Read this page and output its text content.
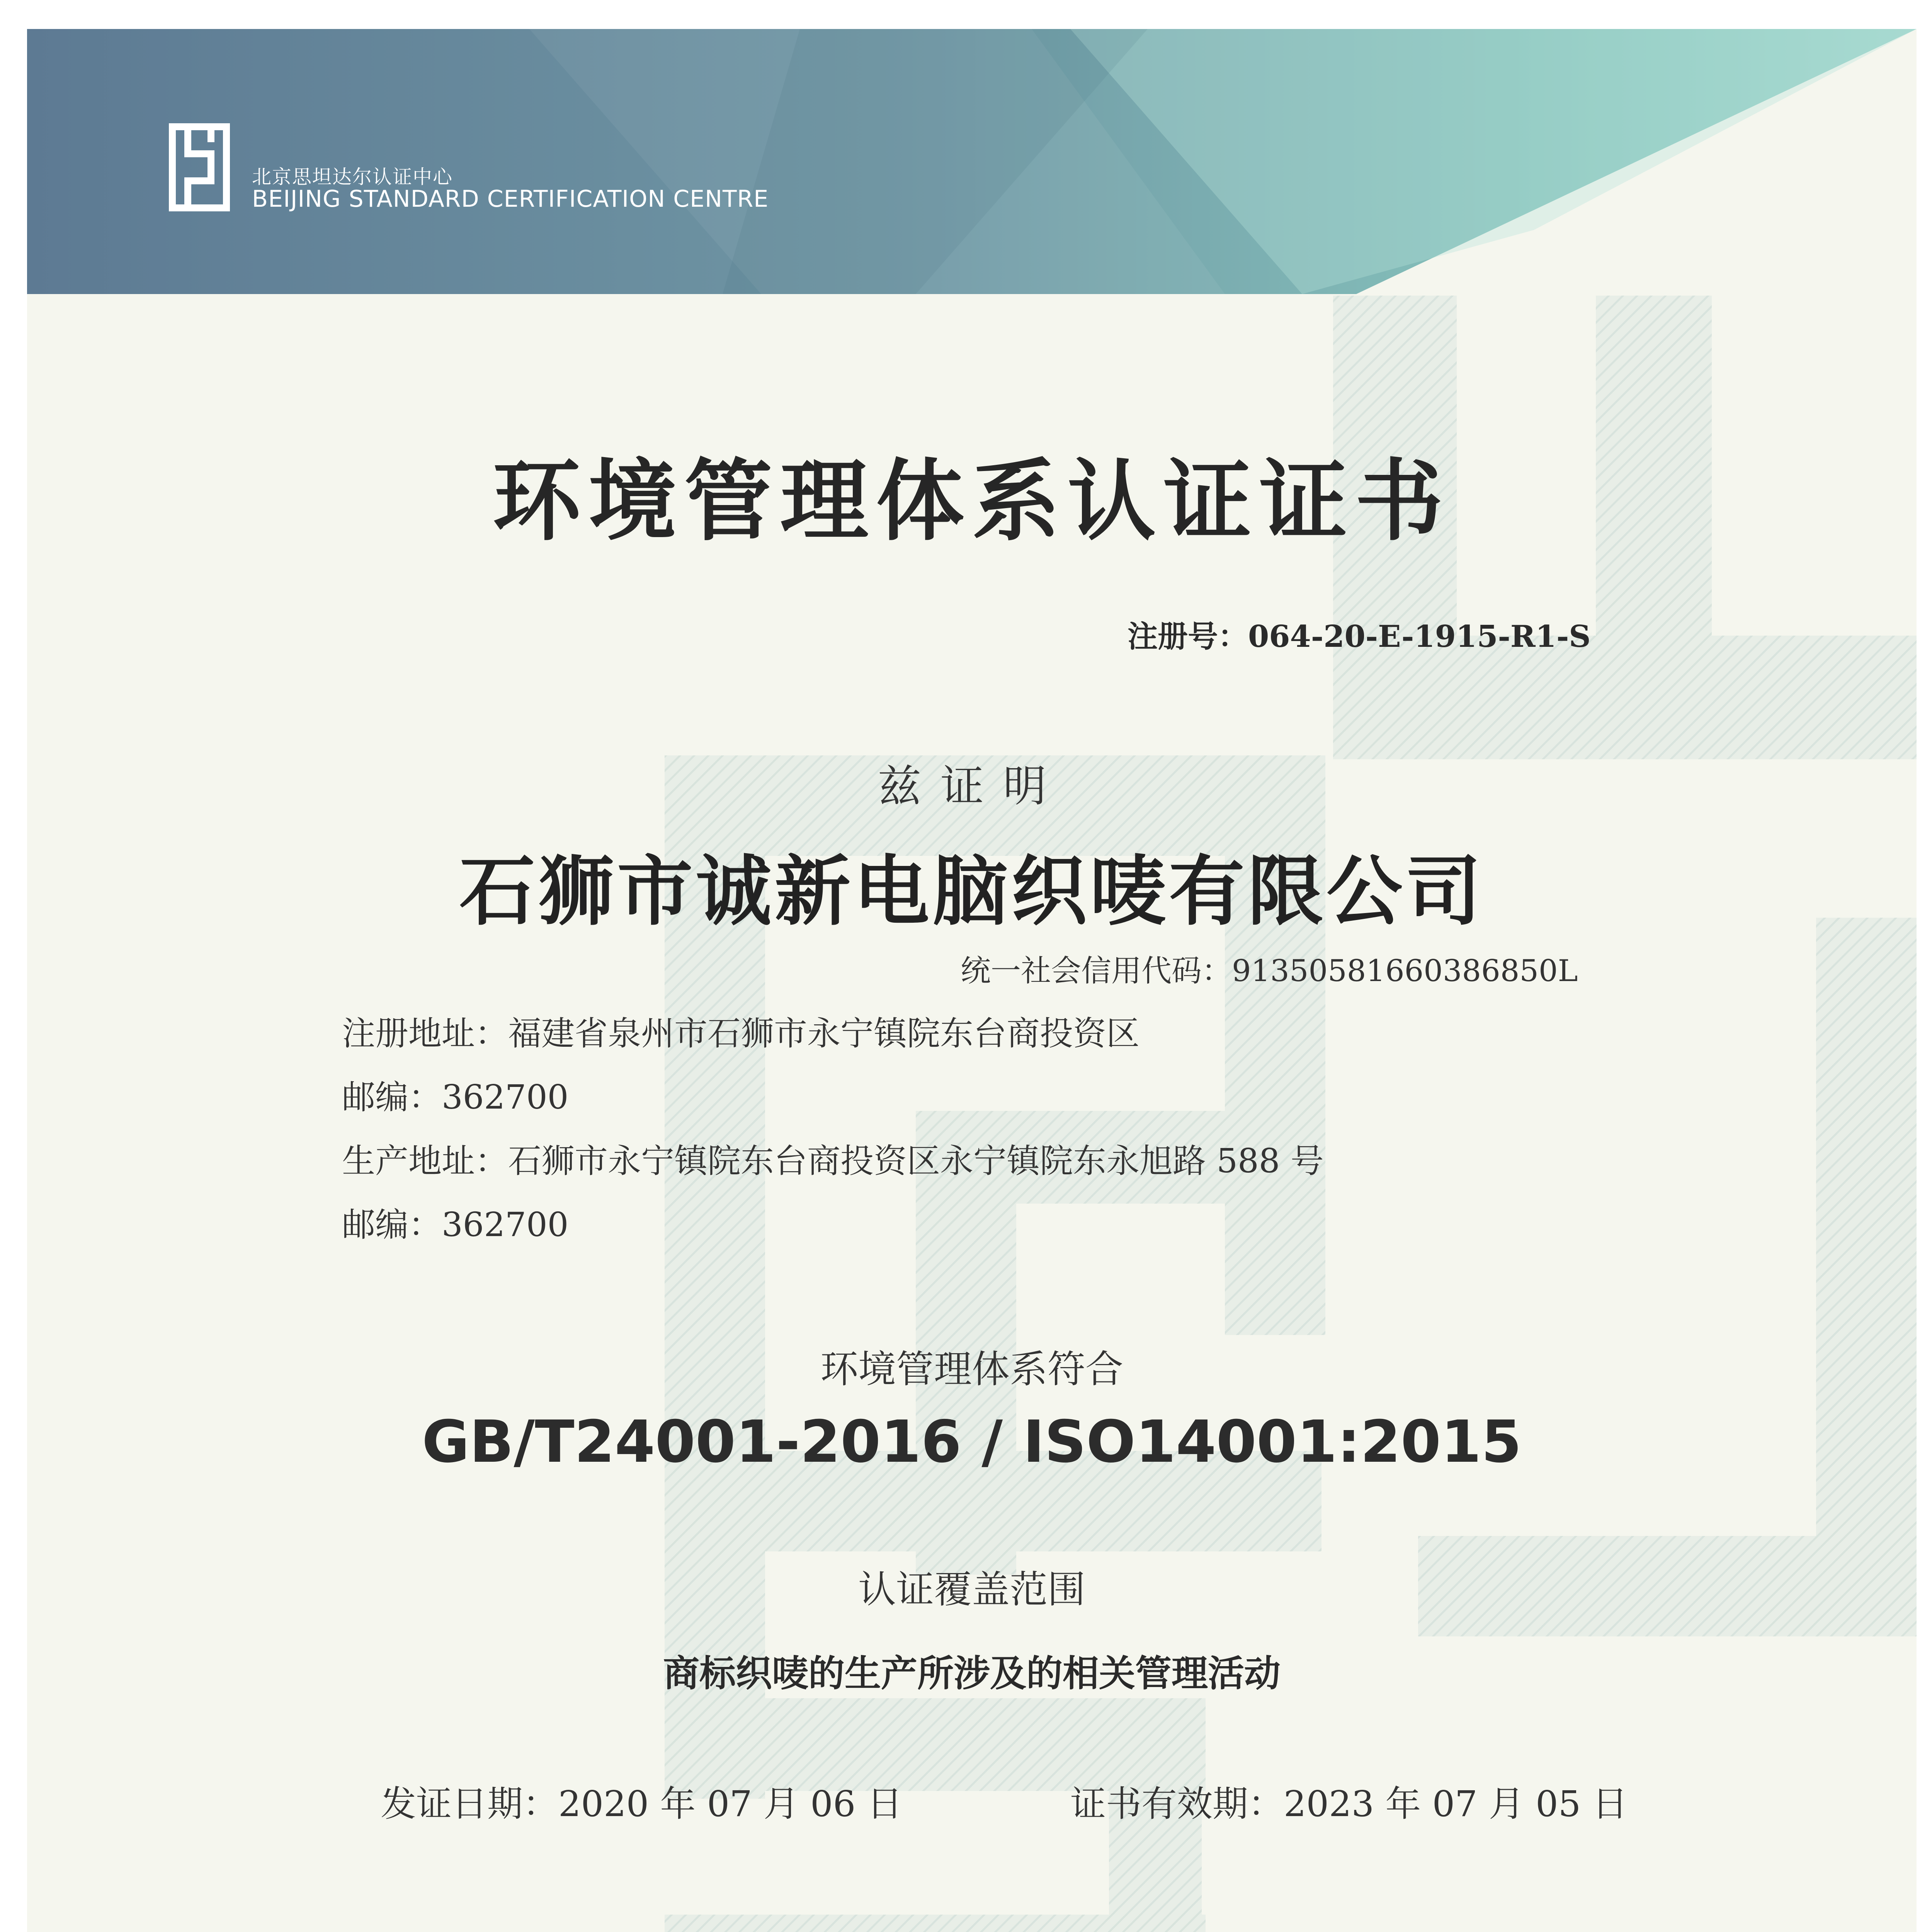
北京思坦达尔认证中心
BEIJING STANDARD CERTIFICATION CENTRE
环境管理体系认证证书
注册号：064-20-E-1915-R1-S
兹证明
石狮市诚新电脑织唛有限公司
统一社会信用代码：91350581660386850L
注册地址：福建省泉州市石狮市永宁镇院东台商投资区
邮编：362700
生产地址：石狮市永宁镇院东台商投资区永宁镇院东永旭路 588 号
邮编：362700
环境管理体系符合
GB/T24001-2016 / ISO14001:2015
认证覆盖范围
商标织唛的生产所涉及的相关管理活动
发证日期：2020 年 07 月 06 日	证书有效期：2023 年 07 月 05 日
